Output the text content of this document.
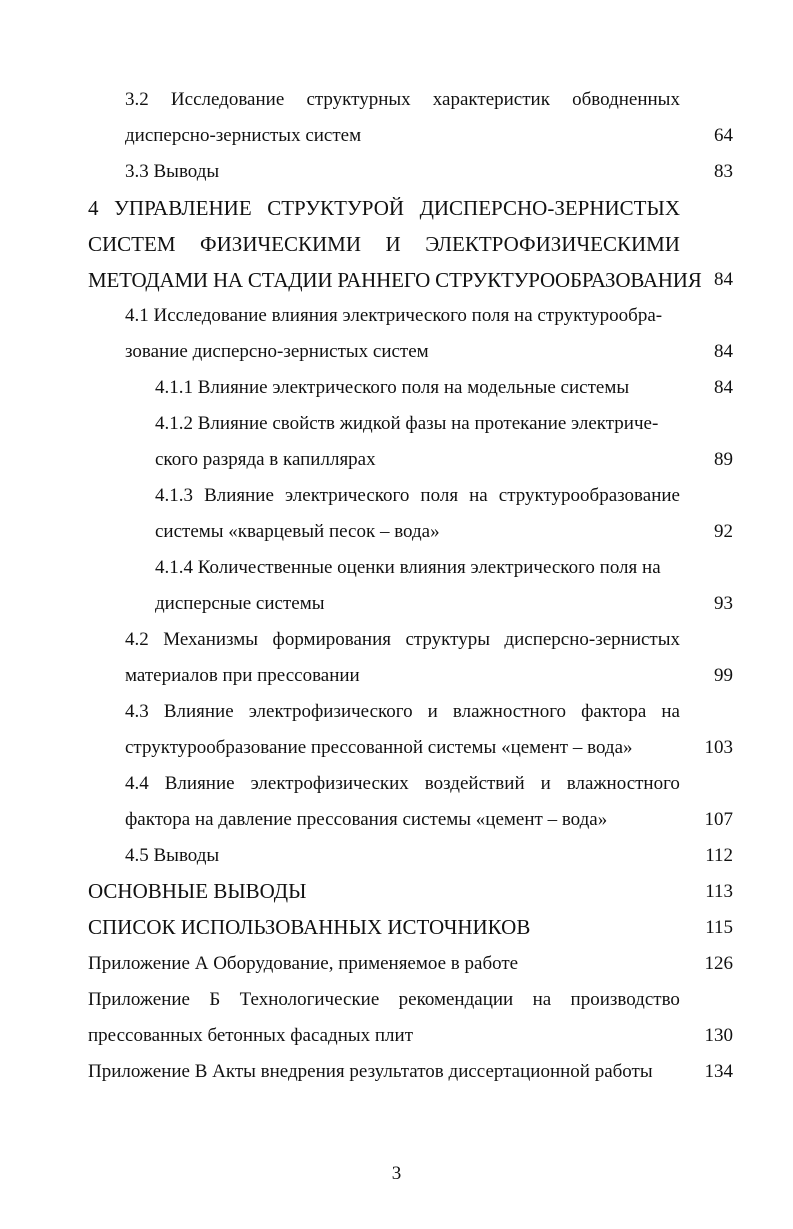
3.2 Исследование структурных характеристик обводненных
дисперсно-зернистых систем	64
3.3 Выводы	83
4 УПРАВЛЕНИЕ СТРУКТУРОЙ ДИСПЕРСНО-ЗЕРНИСТЫХ
СИСТЕМ ФИЗИЧЕСКИМИ И ЭЛЕКТРОФИЗИЧЕСКИМИ
МЕТОДАМИ НА СТАДИИ РАННЕГО СТРУКТУРООБРАЗОВАНИЯ 84
4.1 Исследование влияния электрического поля на структурообра-
зование дисперсно-зернистых систем	84
4.1.1 Влияние электрического поля на модельные системы	84
4.1.2 Влияние свойств жидкой фазы на протекание электриче-
ского разряда в капиллярах	89
4.1.3 Влияние электрического поля на структурообразование
системы «кварцевый песок – вода»	92
4.1.4 Количественные оценки влияния электрического поля на
дисперсные системы	93
4.2 Механизмы формирования структуры дисперсно-зернистых
материалов при прессовании	99
4.3 Влияние электрофизического и влажностного фактора на
структурообразование прессованной системы «цемент – вода»	103
4.4 Влияние электрофизических воздействий и влажностного
фактора на давление прессования системы «цемент – вода»	107
4.5 Выводы	112
ОСНОВНЫЕ ВЫВОДЫ	113
СПИСОК ИСПОЛЬЗОВАННЫХ ИСТОЧНИКОВ	115
Приложение А Оборудование, применяемое в работе	126
Приложение Б Технологические рекомендации на производство
прессованных бетонных фасадных плит	130
Приложение В Акты внедрения результатов диссертационной работы	134
3
